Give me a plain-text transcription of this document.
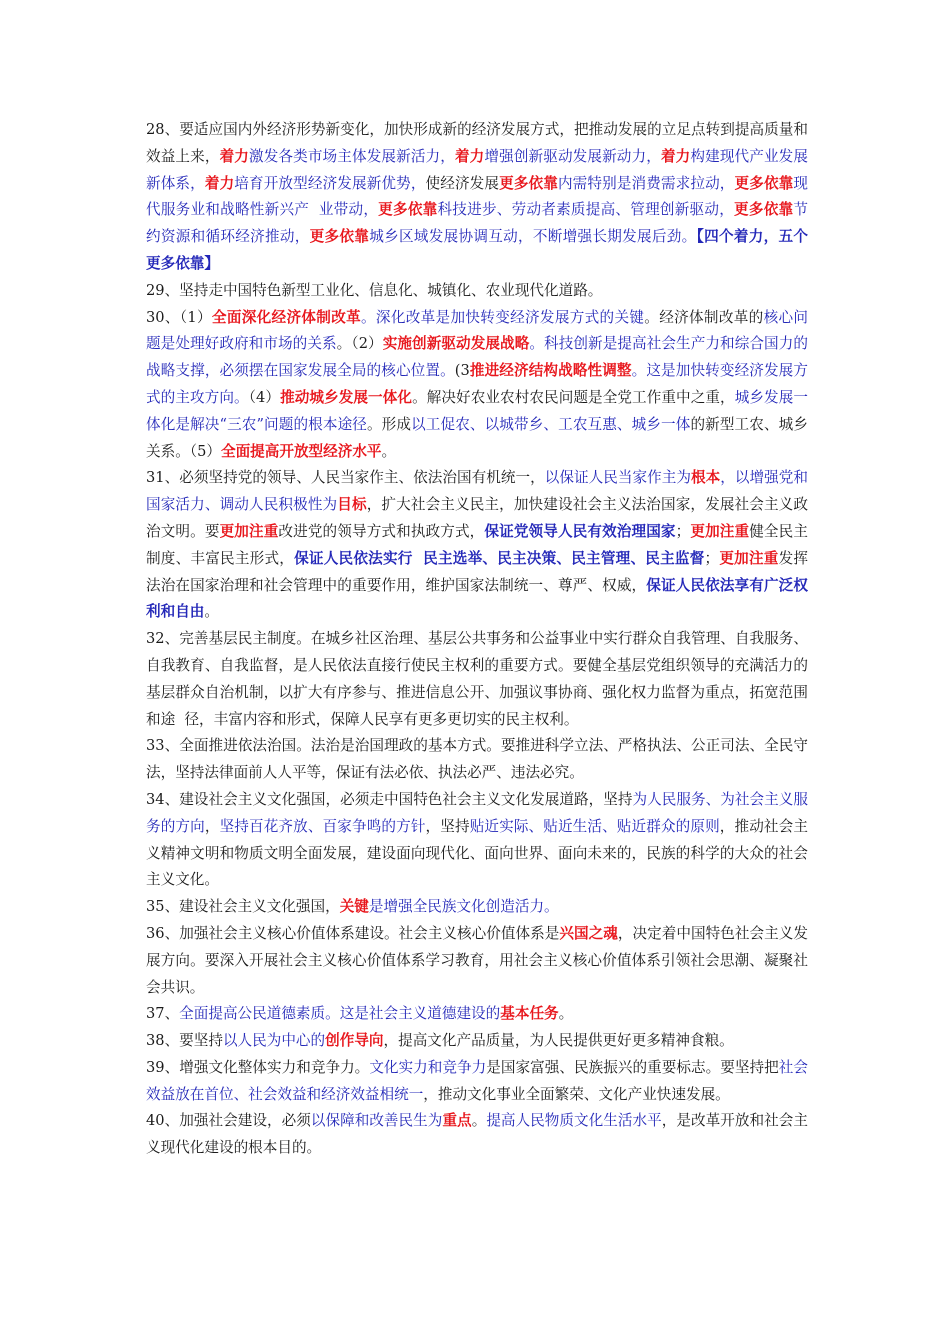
28、要适应国内外经济形势新变化，加快形成新的经济发展方式，把推动发展的立足点转到提高质量和效益上来，着力激发各类市场主体发展新活力，着力增强创新驱动发展新动力，着力构建现代产业发展新体系，着力培育开放型经济发展新优势，使经济发展更多依靠内需特别是消费需求拉动，更多依靠现代服务业和战略性新兴产  业带动，更多依靠科技进步、劳动者素质提高、管理创新驱动，更多依靠节约资源和循环经济推动，更多依靠城乡区域发展协调互动，不断增强长期发展后劲。【四个着力，五个更多依靠】

29、坚持走中国特色新型工业化、信息化、城镇化、农业现代化道路。

30、（1）全面深化经济体制改革。深化改革是加快转变经济发展方式的关键。经济体制改革的核心问题是处理好政府和市场的关系。（2）实施创新驱动发展战略。科技创新是提高社会生产力和综合国力的战略支撑，必须摆在国家发展全局的核心位置。(3推进经济结构战略性调整。这是加快转变经济发展方式的主攻方向。（4）推动城乡发展一体化。解决好农业农村农民问题是全党工作重中之重，城乡发展一体化是解决“三农”问题的根本途径。形成以工促农、以城带乡、工农互惠、城乡一体的新型工农、城乡关系。（5）全面提高开放型经济水平。

31、必须坚持党的领导、人民当家作主、依法治国有机统一，以保证人民当家作主为根本，以增强党和国家活力、调动人民积极性为目标，扩大社会主义民主，加快建设社会主义法治国家，发展社会主义政治文明。要更加注重改进党的领导方式和执政方式，保证党领导人民有效治理国家；更加注重健全民主制度、丰富民主形式，保证人民依法实行  民主选举、民主决策、民主管理、民主监督；更加注重发挥法治在国家治理和社会管理中的重要作用，维护国家法制统一、尊严、权威，保证人民依法享有广泛权利和自由。

32、完善基层民主制度。在城乡社区治理、基层公共事务和公益事业中实行群众自我管理、自我服务、自我教育、自我监督，是人民依法直接行使民主权利的重要方式。要健全基层党组织领导的充满活力的基层群众自治机制，以扩大有序参与、推进信息公开、加强议事协商、强化权力监督为重点，拓宽范围和途  径，丰富内容和形式，保障人民享有更多更切实的民主权利。

33、全面推进依法治国。法治是治国理政的基本方式。要推进科学立法、严格执法、公正司法、全民守法，坚持法律面前人人平等，保证有法必依、执法必严、违法必究。

34、建设社会主义文化强国，必须走中国特色社会主义文化发展道路，坚持为人民服务、为社会主义服务的方向，坚持百花齐放、百家争鸣的方针，坚持贴近实际、贴近生活、贴近群众的原则，推动社会主义精神文明和物质文明全面发展，建设面向现代化、面向世界、面向未来的，民族的科学的大众的社会主义文化。

35、建设社会主义文化强国，关键是增强全民族文化创造活力。

36、加强社会主义核心价值体系建设。社会主义核心价值体系是兴国之魂，决定着中国特色社会主义发展方向。要深入开展社会主义核心价值体系学习教育，用社会主义核心价值体系引领社会思潮、凝聚社会共识。

37、全面提高公民道德素质。这是社会主义道德建设的基本任务。

38、要坚持以人民为中心的创作导向，提高文化产品质量，为人民提供更好更多精神食粮。

39、增强文化整体实力和竞争力。文化实力和竞争力是国家富强、民族振兴的重要标志。要坚持把社会效益放在首位、社会效益和经济效益相统一，推动文化事业全面繁荣、文化产业快速发展。

40、加强社会建设，必须以保障和改善民生为重点。提高人民物质文化生活水平，是改革开放和社会主义现代化建设的根本目的。
